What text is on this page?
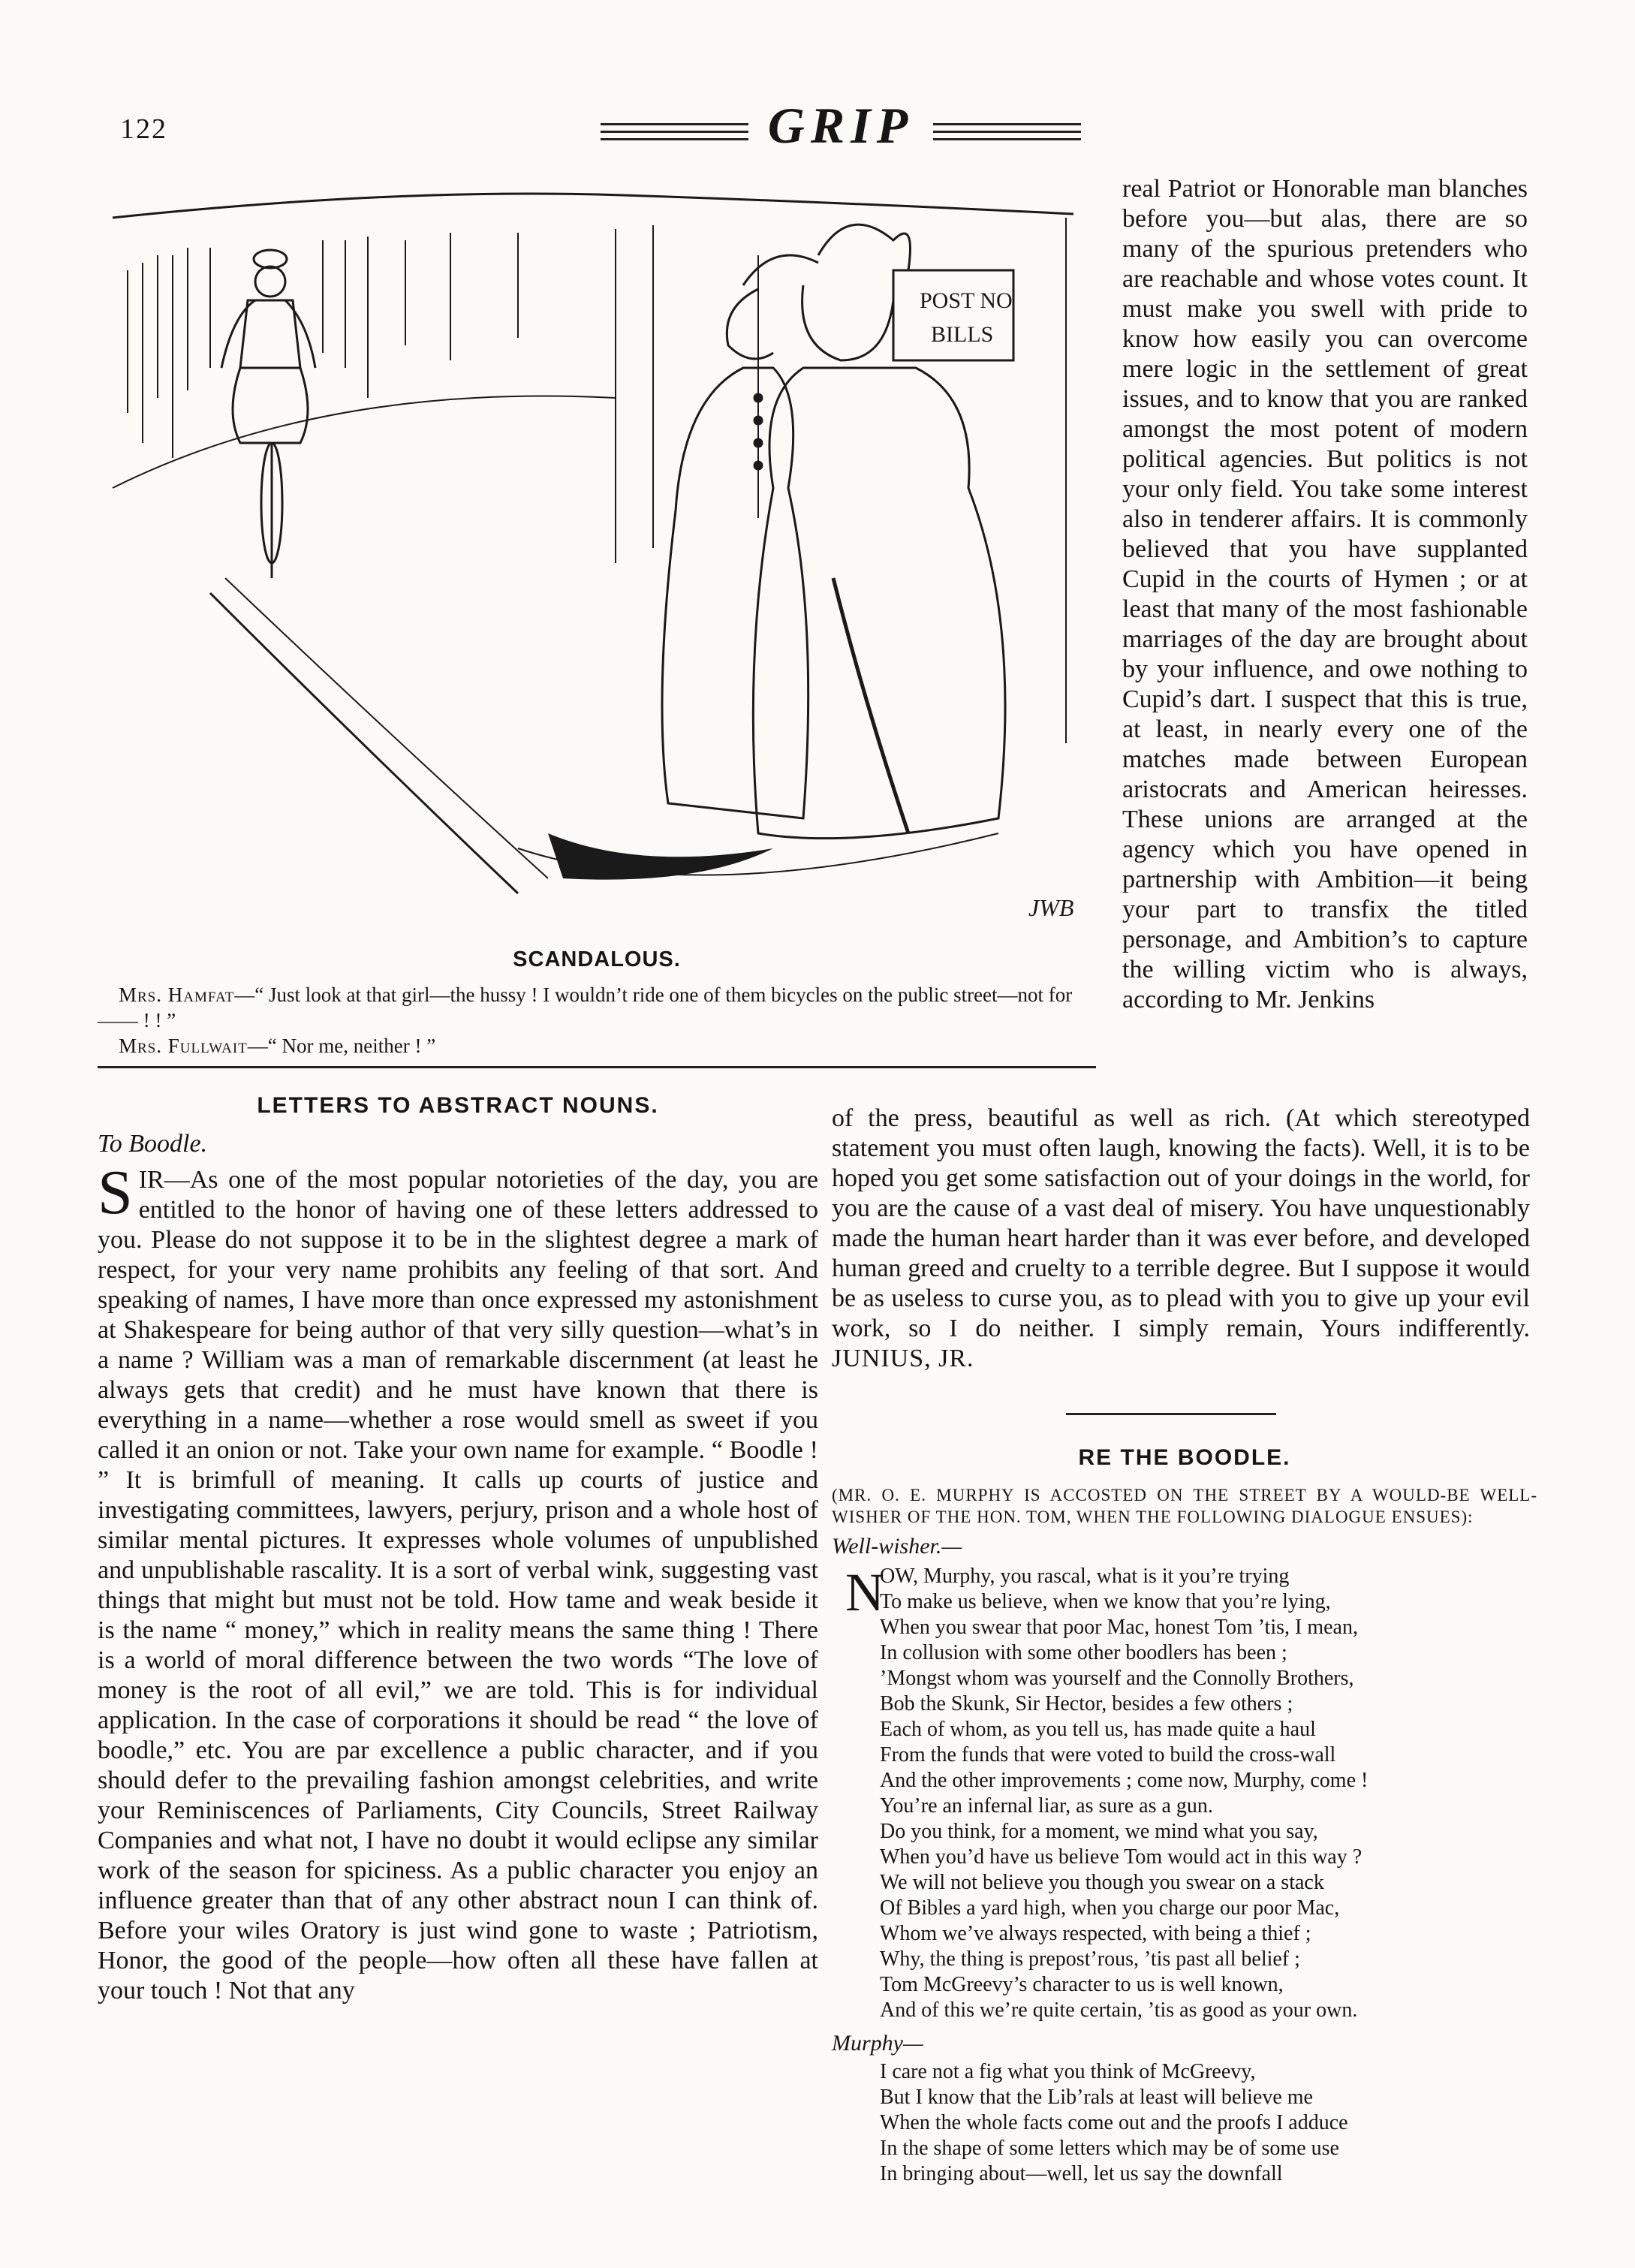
122	GRIP
POST NO
BILLS
JWB
SCANDALOUS.

Mrs. Hamfat—“ Just look at that girl—the hussy ! I wouldn’t ride one of them bicycles on the public street—not for—— ! ! ”

Mrs. Fullwait—“ Nor me, neither ! ”

real Patriot or Honorable man blanches before you—but alas, there are so many of the spurious pretenders who are reachable and whose votes count. It must make you swell with pride to know how easily you can overcome mere logic in the settlement of great issues, and to know that you are ranked amongst the most potent of modern political agencies. But politics is not your only field. You take some interest also in tenderer affairs. It is commonly believed that you have supplanted Cupid in the courts of Hymen ; or at least that many of the most fashionable marriages of the day are brought about by your influence, and owe nothing to Cupid’s dart. I suspect that this is true, at least, in nearly every one of the matches made between European aristocrats and American heiresses. These unions are arranged at the agency which you have opened in partnership with Ambition—it being your part to transfix the titled personage, and Ambition’s to capture the willing victim who is always, according to Mr. Jenkins

LETTERS TO ABSTRACT NOUNS.

To Boodle.

S IR—As one of the most popular notorieties of the day, you are entitled to the honor of having one of these letters addressed to you. Please do not suppose it to be in the slightest degree a mark of respect, for your very name prohibits any feeling of that sort. And speaking of names, I have more than once expressed my astonishment at Shakespeare for being author of that very silly question—what’s in a name ? William was a man of remarkable discernment (at least he always gets that credit) and he must have known that there is everything in a name—whether a rose would smell as sweet if you called it an onion or not. Take your own name for example. “ Boodle ! ” It is brimfull of meaning. It calls up courts of justice and investigating committees, lawyers, perjury, prison and a whole host of similar mental pictures. It expresses whole volumes of unpublished and unpublishable rascality. It is a sort of verbal wink, suggesting vast things that might but must not be told. How tame and weak beside it is the name “ money,” which in reality means the same thing ! There is a world of moral difference between the two words “The love of money is the root of all evil,” we are told. This is for individual application. In the case of corporations it should be read “ the love of boodle,” etc. You are par excellence a public character, and if you should defer to the prevailing fashion amongst celebrities, and write your Reminiscences of Parliaments, City Councils, Street Railway Companies and what not, I have no doubt it would eclipse any similar work of the season for spiciness. As a public character you enjoy an influence greater than that of any other abstract noun I can think of. Before your wiles Oratory is just wind gone to waste ; Patriotism, Honor, the good of the people—how often all these have fallen at your touch ! Not that any

of the press, beautiful as well as rich. (At which stereotyped statement you must often laugh, knowing the facts). Well, it is to be hoped you get some satisfaction out of your doings in the world, for you are the cause of a vast deal of misery. You have unquestionably made the human heart harder than it was ever before, and developed human greed and cruelty to a terrible degree. But I suppose it would be as useless to curse you, as to plead with you to give up your evil work, so I do neither. I simply remain, Yours indifferently. JUNIUS, JR.

RE THE BOODLE.
(MR. O. E. MURPHY IS ACCOSTED ON THE STREET BY A WOULD-BE WELL-WISHER OF THE HON. TOM, WHEN THE FOLLOWING DIALOGUE ENSUES):
Well-wisher.—
N
OW, Murphy, you rascal, what is it you’re trying
To make us believe, when we know that you’re lying,
When you swear that poor Mac, honest Tom ’tis, I mean,
In collusion with some other boodlers has been ;
’Mongst whom was yourself and the Connolly Brothers,
Bob the Skunk, Sir Hector, besides a few others ;
Each of whom, as you tell us, has made quite a haul
From the funds that were voted to build the cross-wall
And the other improvements ; come now, Murphy, come !
You’re an infernal liar, as sure as a gun.
Do you think, for a moment, we mind what you say,
When you’d have us believe Tom would act in this way ?
We will not believe you though you swear on a stack
Of Bibles a yard high, when you charge our poor Mac,
Whom we’ve always respected, with being a thief ;
Why, the thing is prepost’rous, ’tis past all belief ;
Tom McGreevy’s character to us is well known,
And of this we’re quite certain, ’tis as good as your own.
Murphy—
I care not a fig what you think of McGreevy,
But I know that the Lib’rals at least will believe me
When the whole facts come out and the proofs I adduce
In the shape of some letters which may be of some use
In bringing about—well, let us say the downfall
